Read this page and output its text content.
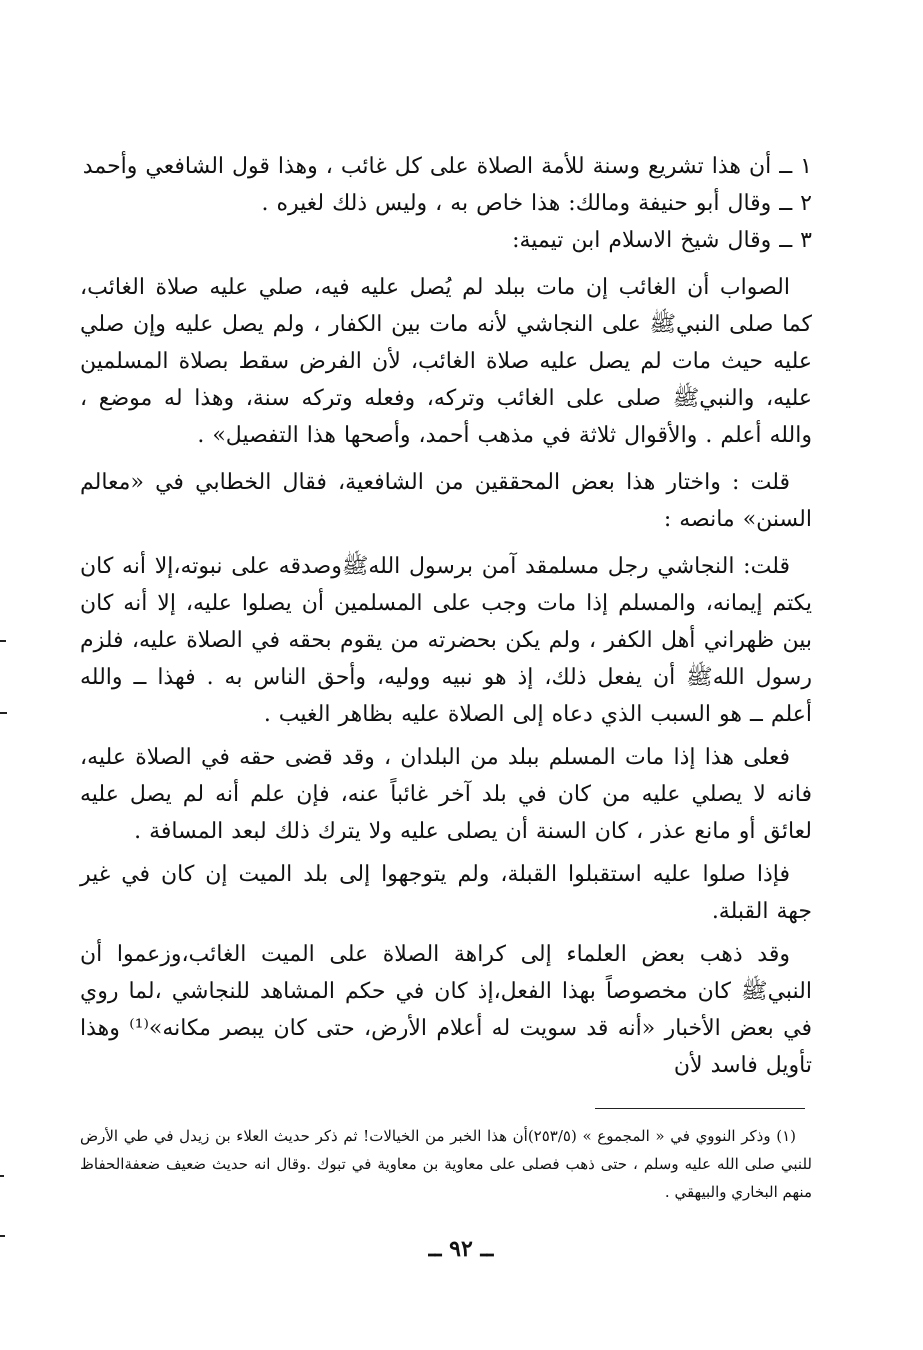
١ ــ أن هذا تشريع وسنة للأمة الصلاة على كل غائب ، وهذا قول الشافعي وأحمد

٢ ــ وقال أبو حنيفة ومالك: هذا خاص به ، وليس ذلك لغيره .

٣ ــ وقال شيخ الاسلام ابن تيمية:

الصواب أن الغائب إن مات ببلد لم يُصل عليه فيه، صلي عليه صلاة الغائب، كما صلى النبيﷺ على النجاشي لأنه مات بين الكفار ، ولم يصل عليه وإن صلي عليه حيث مات لم يصل عليه صلاة الغائب، لأن الفرض سقط بصلاة المسلمين عليه، والنبيﷺ صلى على الغائب وتركه، وفعله وتركه سنة، وهذا له موضع ، والله أعلم . والأقوال ثلاثة في مذهب أحمد، وأصحها هذا التفصيل» .

قلت : واختار هذا بعض المحققين من الشافعية، فقال الخطابي في «معالم السنن» مانصه :

قلت: النجاشي رجل مسلمقد آمن برسول اللهﷺوصدقه على نبوته،إلا أنه كان يكتم إيمانه، والمسلم إذا مات وجب على المسلمين أن يصلوا عليه، إلا أنه كان بين ظهراني أهل الكفر ، ولم يكن بحضرته من يقوم بحقه في الصلاة عليه، فلزم رسول اللهﷺ أن يفعل ذلك، إذ هو نبيه ووليه، وأحق الناس به . فهذا ــ والله أعلم ــ هو السبب الذي دعاه إلى الصلاة عليه بظاهر الغيب .

فعلى هذا إذا مات المسلم ببلد من البلدان ، وقد قضى حقه في الصلاة عليه، فانه لا يصلي عليه من كان في بلد آخر غائباً عنه، فإن علم أنه لم يصل عليه لعائق أو مانع عذر ، كان السنة أن يصلى عليه ولا يترك ذلك لبعد المسافة .

فإذا صلوا عليه استقبلوا القبلة، ولم يتوجهوا إلى بلد الميت إن كان في غير جهة القبلة.

وقد ذهب بعض العلماء إلى كراهة الصلاة على الميت الغائب،وزعموا أن النبيﷺ كان مخصوصاً بهذا الفعل،إذ كان في حكم المشاهد للنجاشي ،لما روي في بعض الأخبار «أنه قد سويت له أعلام الأرض، حتى كان يبصر مكانه»⁽¹⁾ وهذا تأويل فاسد لأن

(١) وذكر النووي في « المجموع » (٢٥٣/٥)أن هذا الخبر من الخيالات! ثم ذكر حديث العلاء بن زيدل في طي الأرض للنبي صلى الله عليه وسلم ، حتى ذهب فصلى على معاوية بن معاوية في تبوك .وقال انه حديث ضعيف ضعفةالحفاظ منهم البخاري والبيهقي .

ــ ٩٢ ــ
